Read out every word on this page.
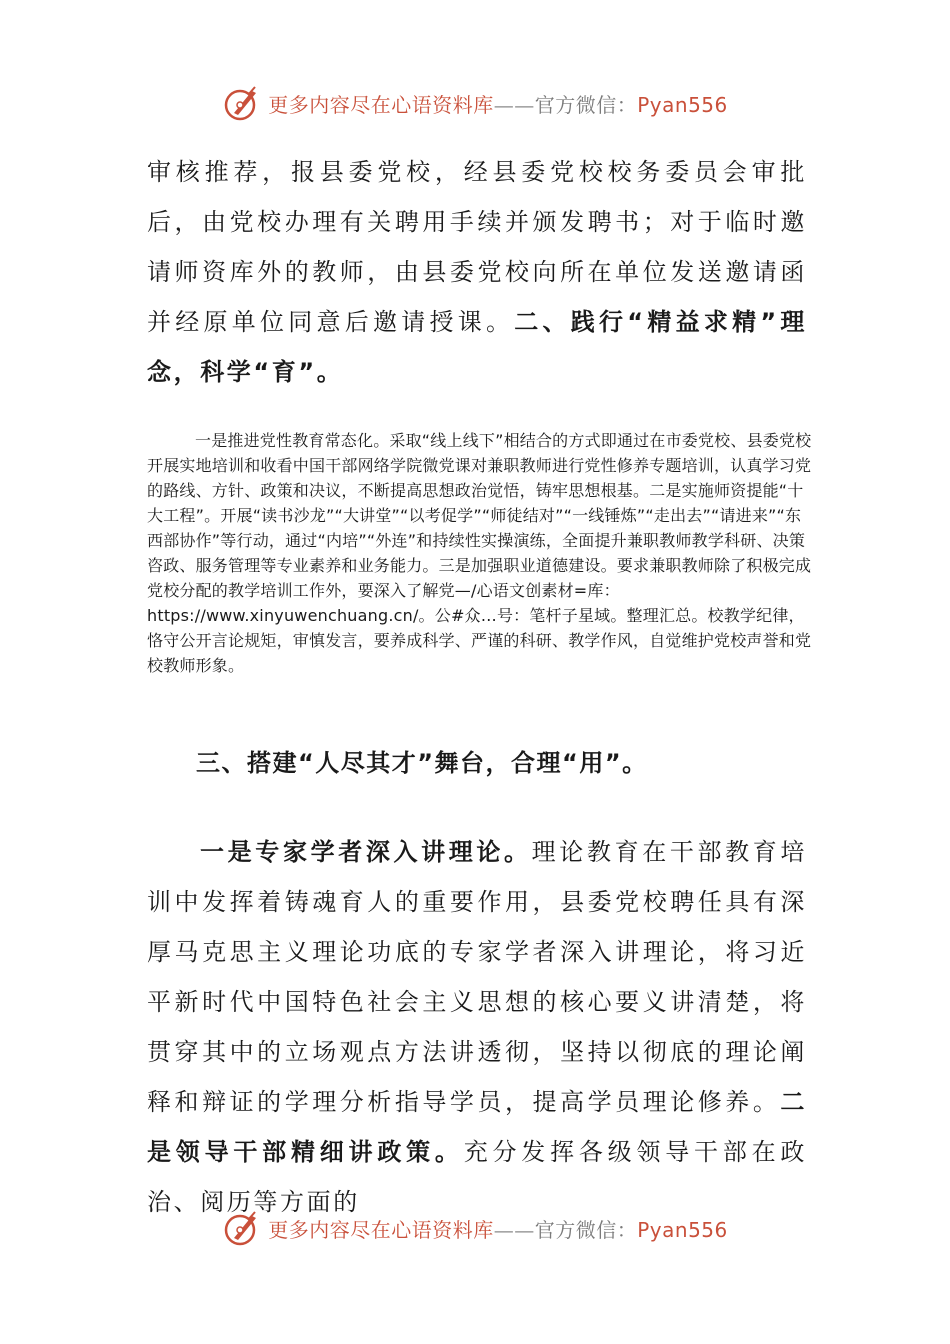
更多内容尽在心语资料库——官方微信：Pyan556

审核推荐，报县委党校，经县委党校校务委员会审批后，由党校办理有关聘用手续并颁发聘书；对于临时邀请师资库外的教师，由县委党校向所在单位发送邀请函并经原单位同意后邀请授课。二、践行“精益求精”理念，科学“育”。

一是推进党性教育常态化。采取“线上线下”相结合的方式即通过在市委党校、县委党校开展实地培训和收看中国干部网络学院微党课对兼职教师进行党性修养专题培训，认真学习党的路线、方针、政策和决议，不断提高思想政治觉悟，铸牢思想根基。二是实施师资提能“十大工程”。开展“读书沙龙”“大讲堂”“以考促学”“师徒结对”“一线锤炼”“走出去”“请进来”“东西部协作”等行动，通过“内培”“外连”和持续性实操演练，全面提升兼职教师教学科研、决策咨政、服务管理等专业素养和业务能力。三是加强职业道德建设。要求兼职教师除了积极完成党校分配的教学培训工作外，要深入了解党—/心语文创素材=库：https://www.xinyuwenchuang.cn/。公#众…号：笔杆子星域。整理汇总。校教学纪律，恪守公开言论规矩，审慎发言，要养成科学、严谨的科研、教学作风，自觉维护党校声誉和党校教师形象。

三、搭建“人尽其才”舞台，合理“用”。

一是专家学者深入讲理论。理论教育在干部教育培训中发挥着铸魂育人的重要作用，县委党校聘任具有深厚马克思主义理论功底的专家学者深入讲理论，将习近平新时代中国特色社会主义思想的核心要义讲清楚，将贯穿其中的立场观点方法讲透彻，坚持以彻底的理论阐释和辩证的学理分析指导学员，提高学员理论修养。二是领导干部精细讲政策。充分发挥各级领导干部在政治、阅历等方面的

更多内容尽在心语资料库——官方微信：Pyan556
